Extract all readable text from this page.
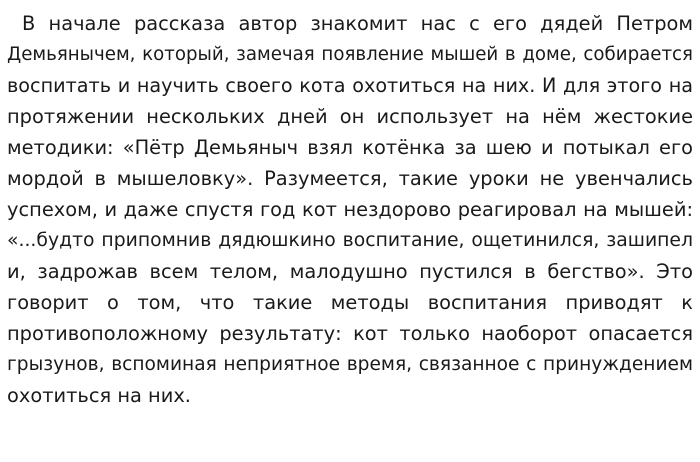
В начале рассказа автор знакомит нас с его дядей Петром
Демьянычем, который, замечая появление мышей в доме, собирается
воспитать и научить своего кота охотиться на них. И для этого на
протяжении нескольких дней он использует на нём жестокие
методики: «Пётр Демьяныч взял котёнка за шею и потыкал его
мордой в мышеловку». Разумеется, такие уроки не увенчались
успехом, и даже спустя год кот нездорово реагировал на мышей:
«...будто припомнив дядюшкино воспитание, ощетинился, зашипел
и, задрожав всем телом, малодушно пустился в бегство». Это
говорит о том, что такие методы воспитания приводят к
противоположному результату: кот только наоборот опасается
грызунов, вспоминая неприятное время, связанное с принуждением
охотиться на них.
